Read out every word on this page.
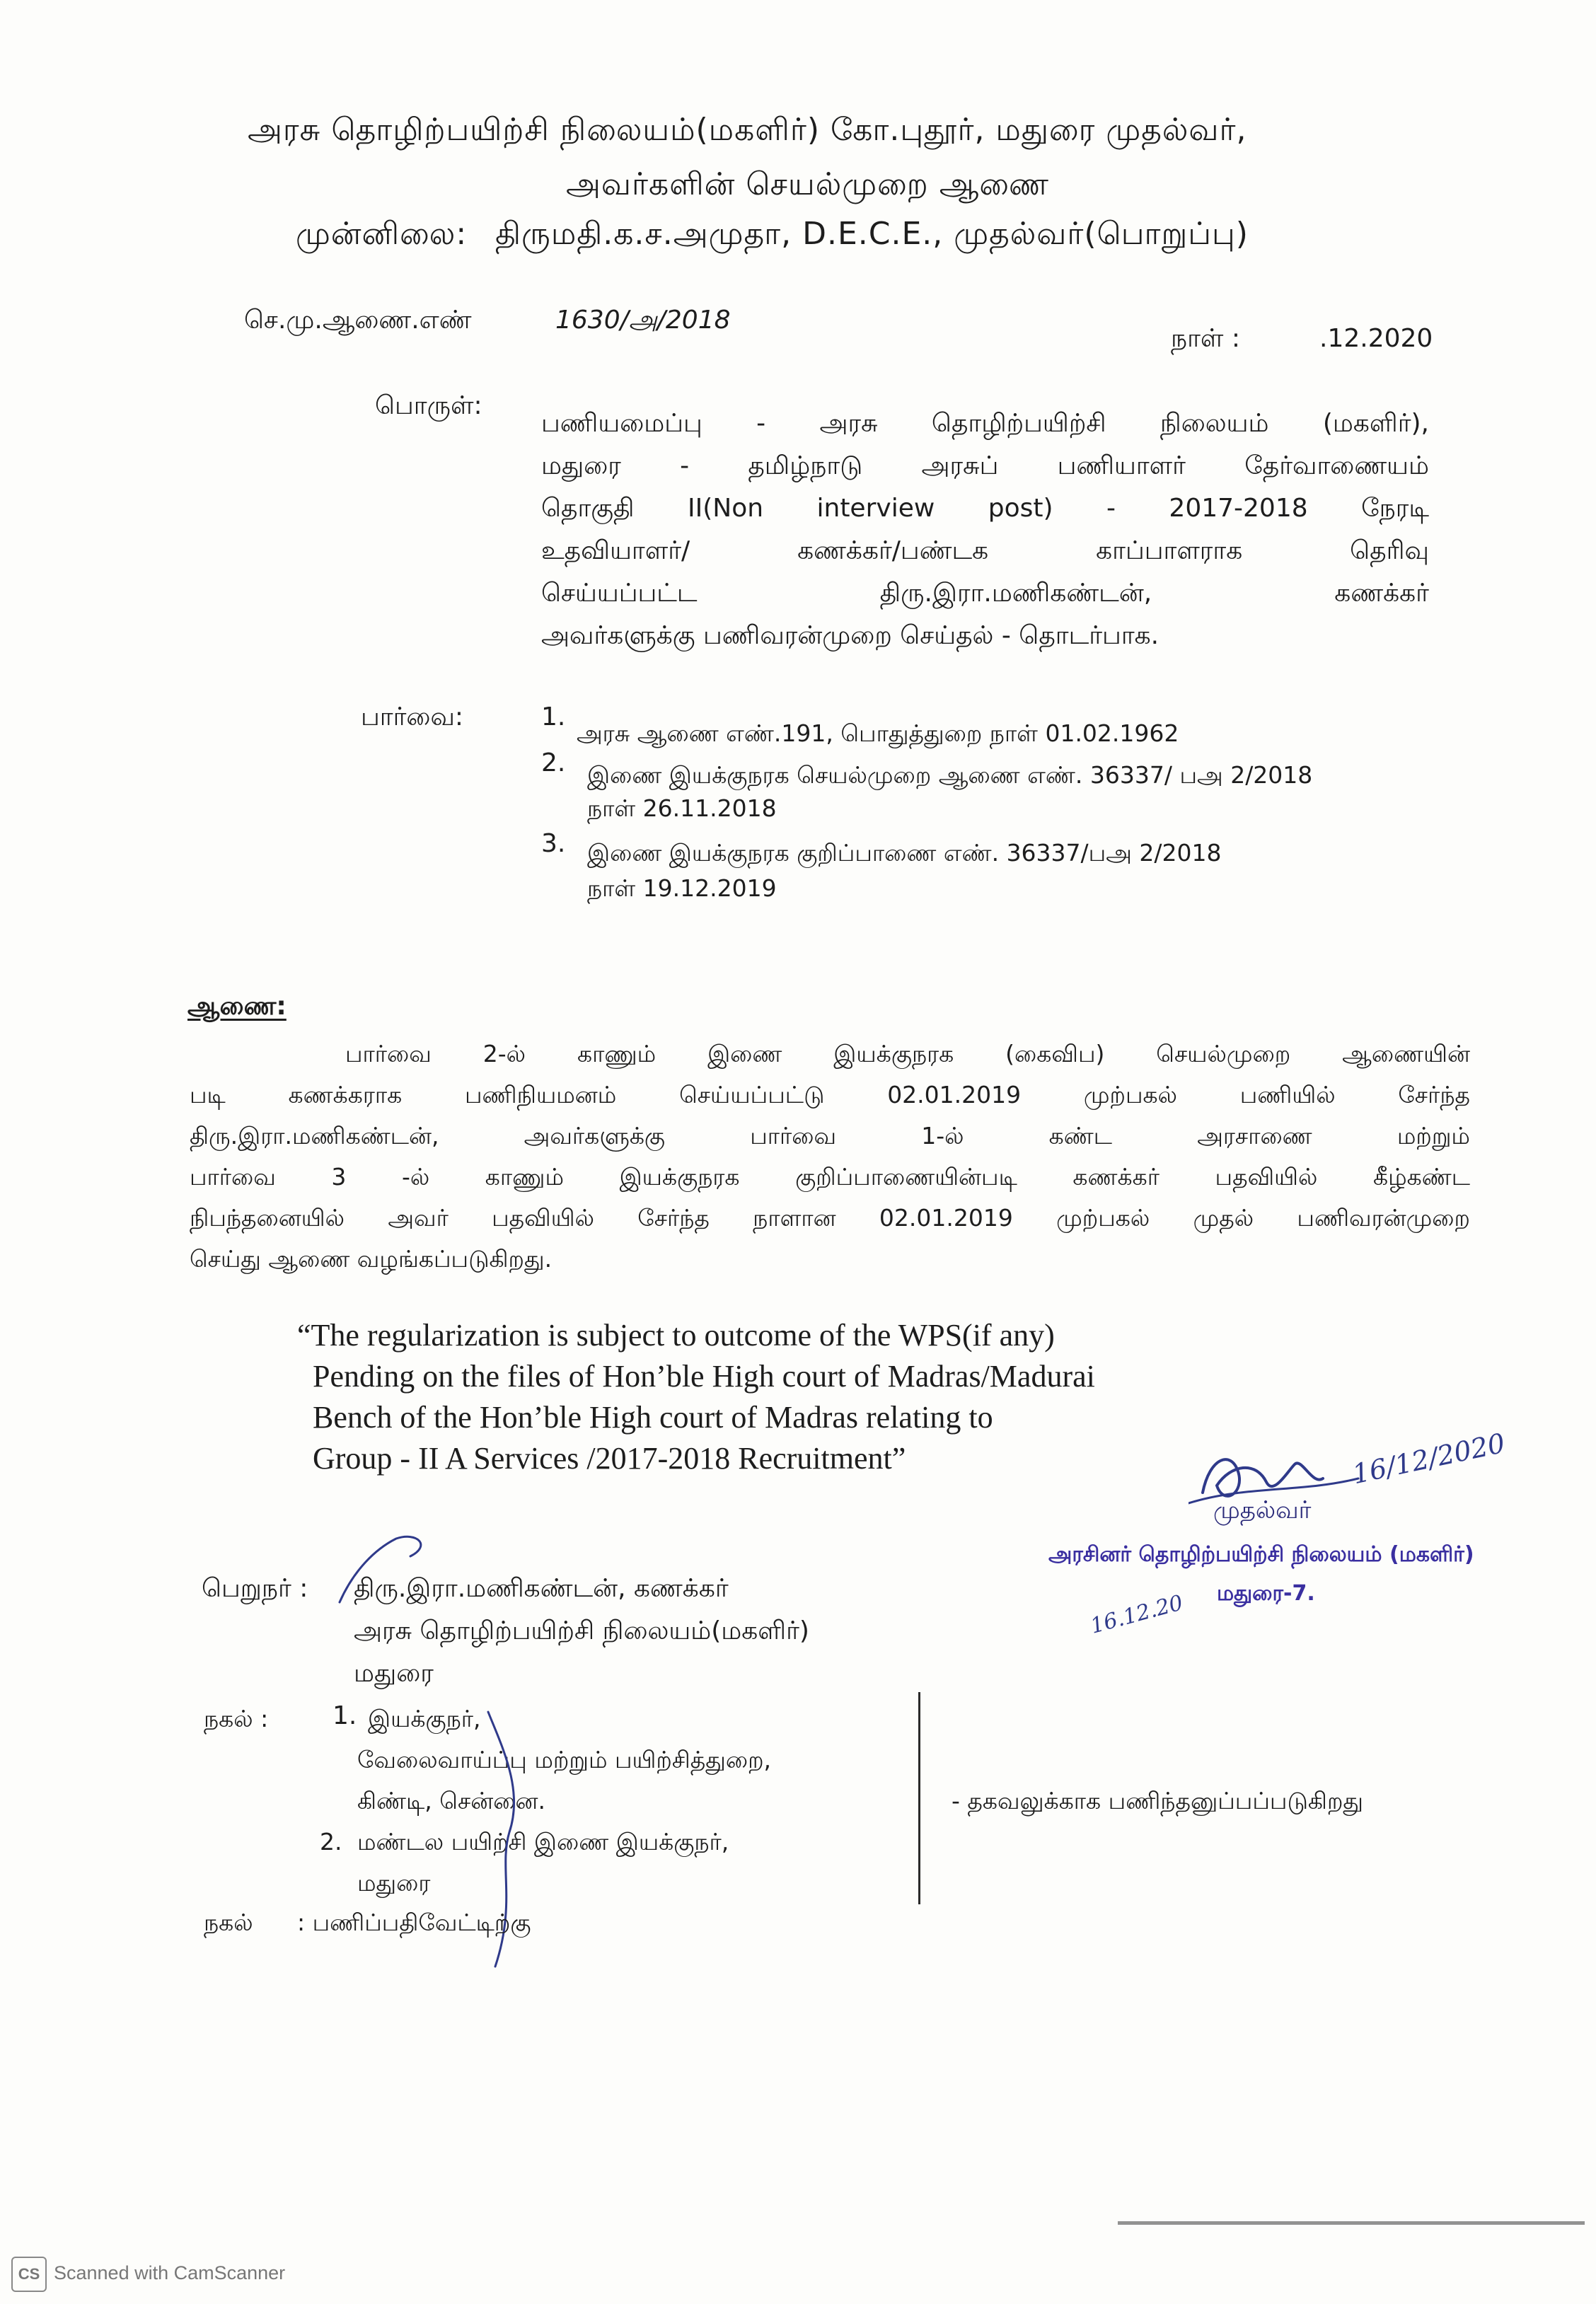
அரசு தொழிற்பயிற்சி நிலையம்(மகளிர்) கோ.புதூர், மதுரை முதல்வர்,
அவர்களின் செயல்முறை ஆணை
முன்னிலை: திருமதி.க.ச.அமுதா, D.E.C.E., முதல்வர்(பொறுப்பு)
செ.மு.ஆணை.எண்	1630/அ/2018
நாள் :	.12.2020
பொருள்:
பணியமைப்பு - அரசு தொழிற்பயிற்சி நிலையம் (மகளிர்),
மதுரை - தமிழ்நாடு அரசுப் பணியாளர் தேர்வாணையம்
தொகுதி II(Non interview post) - 2017-2018 நேரடி
உதவியாளர்/ கணக்கர்/பண்டக காப்பாளராக தெரிவு
செய்யப்பட்ட திரு.இரா.மணிகண்டன், கணக்கர்
அவர்களுக்கு பணிவரன்முறை செய்தல் - தொடர்பாக.
பார்வை:	1.
அரசு ஆணை எண்.191, பொதுத்துறை நாள் 01.02.1962
2. இணை இயக்குநரக செயல்முறை ஆணை எண். 36337/ பஅ 2/2018
நாள் 26.11.2018
3. இணை இயக்குநரக குறிப்பாணை எண். 36337/பஅ 2/2018
நாள் 19.12.2019
ஆணை:
பார்வை 2-ல் காணும் இணை இயக்குநரக (கைவிப) செயல்முறை ஆணையின்
படி கணக்கராக பணிநியமனம் செய்யப்பட்டு 02.01.2019 முற்பகல் பணியில் சேர்ந்த
திரு.இரா.மணிகண்டன், அவர்களுக்கு பார்வை 1-ல் கண்ட அரசாணை மற்றும்
பார்வை 3 -ல் காணும் இயக்குநரக குறிப்பாணையின்படி கணக்கர் பதவியில் கீழ்கண்ட
நிபந்தனையில் அவர் பதவியில் சேர்ந்த நாளான 02.01.2019 முற்பகல் முதல் பணிவரன்முறை
செய்து ஆணை வழங்கப்படுகிறது.
“The regularization is subject to outcome of the WPS(if any)
Pending on the files of Hon’ble High court of Madras/Madurai
Bench of the Hon’ble High court of Madras relating to
Group - II A Services /2017-2018 Recruitment”	16/12/2020
முதல்வர்
அரசினர் தொழிற்பயிற்சி நிலையம் (மகளிர்)
மதுரை-7.
16.12.20
பெறுநர் : திரு.இரா.மணிகண்டன், கணக்கர்
அரசு தொழிற்பயிற்சி நிலையம்(மகளிர்)
மதுரை
நகல் :	1. இயக்குநர்,
வேலைவாய்ப்பு மற்றும் பயிற்சித்துறை,
கிண்டி, சென்னை.
2. மண்டல பயிற்சி இணை இயக்குநர்,
மதுரை
- தகவலுக்காக பணிந்தனுப்பப்படுகிறது
நகல் : பணிப்பதிவேட்டிற்கு
CS Scanned with CamScanner
